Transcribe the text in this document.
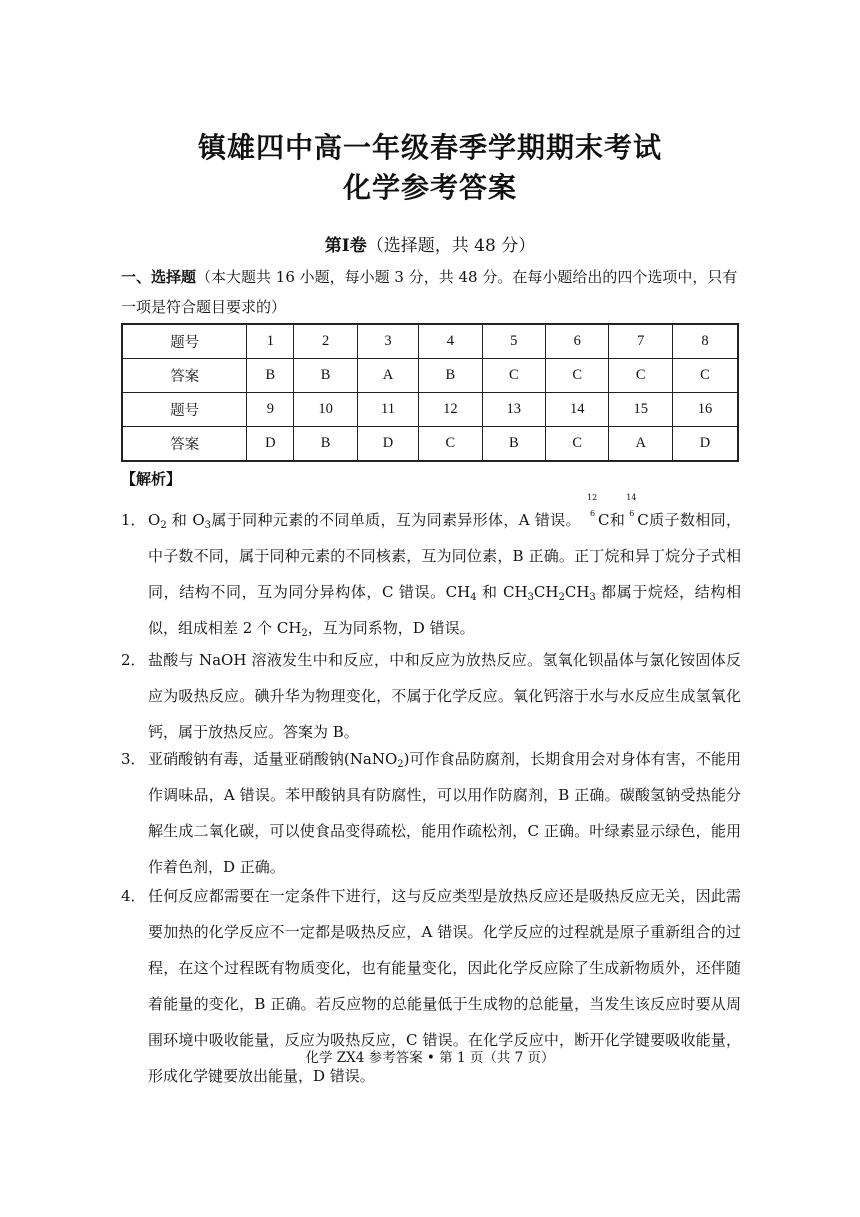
镇雄四中高一年级春季学期期末考试
化学参考答案
第Ⅰ卷（选择题，共 48 分）
一、选择题（本大题共 16 小题，每小题 3 分，共 48 分。在每小题给出的四个选项中，只有一项是符合题目要求的）
题号	1	2	3	4	5	6	7	8
答案	B	B	A	B	C	C	C	C
题号	9	10	11	12	13	14	15	16
答案	D	B	D	C	B	C	A	D
【解析】
1． $O_2$ 和 $O_3$属于同种元素的不同单质，互为同素异形体，A 错误。
12
6 C和
14
6 C质子数相同，中子数不同，属于同种元素的不同核素，互为同位素，B 正确。正丁烷和异丁烷分子式相同，结构不同，互为同分异构体，C 错误。$CH_4$ 和 $CH_3CH_2CH_3$ 都属于烷烃，结构相似，组成相差 2 个 $CH_2$，互为同系物，D 错误。
2． 盐酸与 NaOH 溶液发生中和反应，中和反应为放热反应。氢氧化钡晶体与氯化铵固体反应为吸热反应。碘升华为物理变化，不属于化学反应。氧化钙溶于水与水反应生成氢氧化钙，属于放热反应。答案为 B。
3． 亚硝酸钠有毒，适量亚硝酸钠(NaNO$_2$)可作食品防腐剂，长期食用会对身体有害，不能用作调味品，A 错误。苯甲酸钠具有防腐性，可以用作防腐剂，B 正确。碳酸氢钠受热能分解生成二氧化碳，可以使食品变得疏松，能用作疏松剂，C 正确。叶绿素显示绿色，能用作着色剂，D 正确。
4． 任何反应都需要在一定条件下进行，这与反应类型是放热反应还是吸热反应无关，因此需要加热的化学反应不一定都是吸热反应，A 错误。化学反应的过程就是原子重新组合的过程，在这个过程既有物质变化，也有能量变化，因此化学反应除了生成新物质外，还伴随着能量的变化，B 正确。若反应物的总能量低于生成物的总能量，当发生该反应时要从周围环境中吸收能量，反应为吸热反应，C 错误。在化学反应中，断开化学键要吸收能量，形成化学键要放出能量，D 错误。
化学 ZX4 参考答案 • 第 1 页（共 7 页）
